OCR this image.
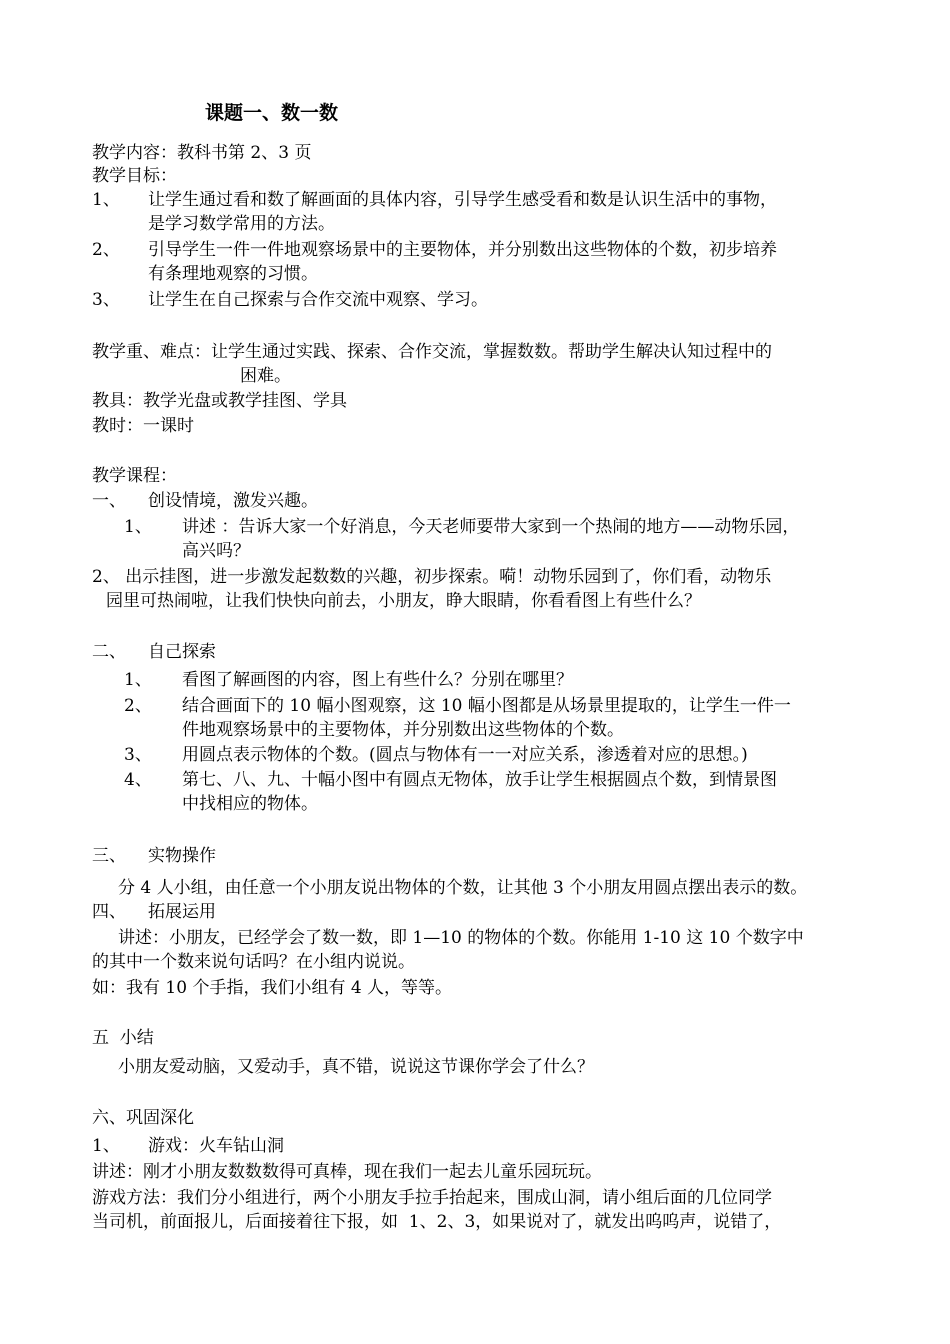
课题一、数一数
教学内容：教科书第 2、3 页
教学目标：
1、 让学生通过看和数了解画面的具体内容，引导学生感受看和数是认识生活中的事物，
是学习数学常用的方法。
2、 引导学生一件一件地观察场景中的主要物体，并分别数出这些物体的个数，初步培养
有条理地观察的习惯。
3、 让学生在自己探索与合作交流中观察、学习。
教学重、难点：让学生通过实践、探索、合作交流，掌握数数。帮助学生解决认知过程中的
困难。
教具：教学光盘或教学挂图、学具
教时：一课时
教学课程：
一、 创设情境，激发兴趣。
1、 讲述 ：告诉大家一个好消息，今天老师要带大家到一个热闹的地方——动物乐园，
高兴吗？
2、 出示挂图，进一步激发起数数的兴趣，初步探索。嗬！动物乐园到了，你们看，动物乐
园里可热闹啦，让我们快快向前去，小朋友，睁大眼睛，你看看图上有些什么？
二、 自己探索
1、 看图了解画图的内容，图上有些什么？分别在哪里？
2、 结合画面下的 10 幅小图观察，这 10 幅小图都是从场景里提取的，让学生一件一
件地观察场景中的主要物体，并分别数出这些物体的个数。
3、 用圆点表示物体的个数。(圆点与物体有一一对应关系，渗透着对应的思想。)
4、 第七、八、九、十幅小图中有圆点无物体，放手让学生根据圆点个数，到情景图
中找相应的物体。
三、 实物操作
分 4 人小组，由任意一个小朋友说出物体的个数，让其他 3 个小朋友用圆点摆出表示的数。
四、 拓展运用
讲述：小朋友，已经学会了数一数，即 1—10 的物体的个数。你能用 1-10 这 10 个数字中
的其中一个数来说句话吗？在小组内说说。
如：我有 10 个手指，我们小组有 4 人，等等。
五  小结
小朋友爱动脑，又爱动手，真不错，说说这节课你学会了什么？
六、巩固深化
1、 游戏：火车钻山洞
讲述：刚才小朋友数数数得可真棒，现在我们一起去儿童乐园玩玩。
游戏方法：我们分小组进行，两个小朋友手拉手抬起来，围成山洞，请小组后面的几位同学
当司机，前面报儿，后面接着往下报，如  1、2、3，如果说对了，就发出呜呜声，说错了，
